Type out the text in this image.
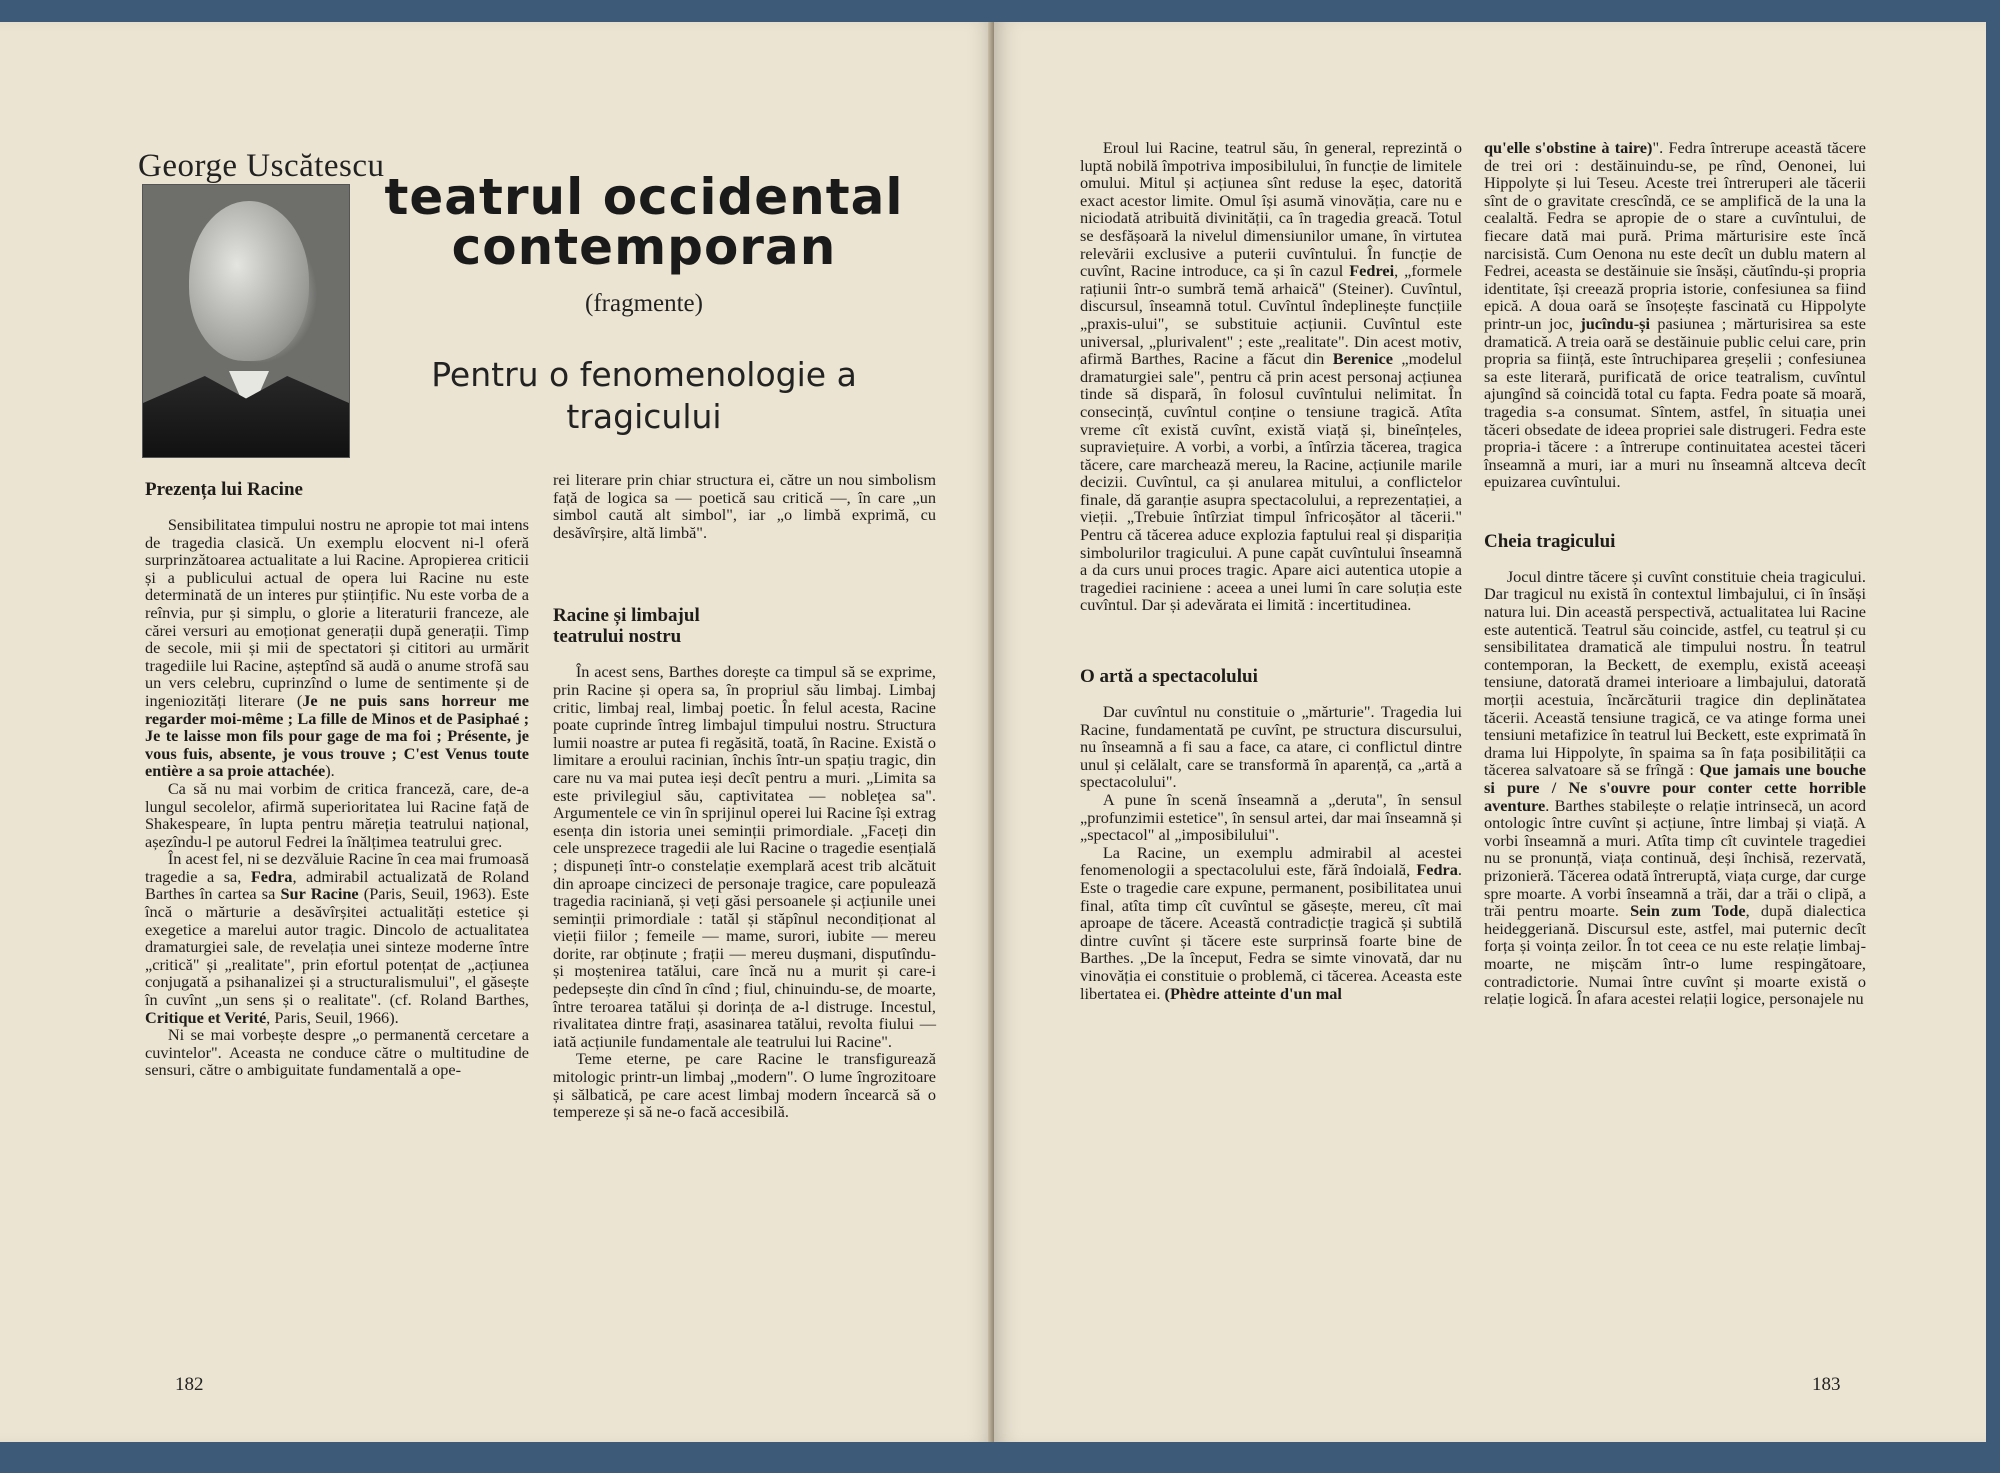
George Uscătescu
teatrul occidental contemporan

(fragmente)

Pentru o fenomenologie a tragicului
Prezența lui Racine

Sensibilitatea timpului nostru ne apropie tot mai intens de tragedia clasică. Un exemplu elocvent ni-l oferă surprinzătoarea actualitate a lui Racine. Apropierea criticii și a publicului actual de opera lui Racine nu este determinată de un interes pur științific. Nu este vorba de a reînvia, pur și simplu, o glorie a literaturii franceze, ale cărei versuri au emoționat generații după generații. Timp de secole, mii și mii de spectatori și cititori au urmărit tragediile lui Racine, așteptînd să audă o anume strofă sau un vers celebru, cuprinzînd o lume de sentimente și de ingeniozități literare (Je ne puis sans horreur me regarder moi-même ; La fille de Minos et de Pasiphaé ; Je te laisse mon fils pour gage de ma foi ; Présente, je vous fuis, absente, je vous trouve ; C'est Venus toute entière a sa proie attachée).

Ca să nu mai vorbim de critica franceză, care, de-a lungul secolelor, afirmă superioritatea lui Racine față de Shakespeare, în lupta pentru măreția teatrului național, așezîndu-l pe autorul Fedrei la înălțimea teatrului grec.

În acest fel, ni se dezvăluie Racine în cea mai frumoasă tragedie a sa, Fedra, admirabil actualizată de Roland Barthes în cartea sa Sur Racine (Paris, Seuil, 1963). Este încă o mărturie a desăvîrșitei actualități estetice și exegetice a marelui autor tragic. Dincolo de actualitatea dramaturgiei sale, de revelația unei sinteze moderne între „critică" și „realitate", prin efortul potențat de „acțiunea conjugată a psihanalizei și a structuralismului", el găsește în cuvînt „un sens și o realitate". (cf. Roland Barthes, Critique et Verité, Paris, Seuil, 1966).

Ni se mai vorbește despre „o permanentă cercetare a cuvintelor". Aceasta ne conduce către o multitudine de sensuri, către o ambiguitate fundamentală a ope-

rei literare prin chiar structura ei, către un nou simbolism față de logica sa — poetică sau critică —, în care „un simbol caută alt simbol", iar „o limbă exprimă, cu desăvîrșire, altă limbă".

Racine și limbajul teatrului nostru

În acest sens, Barthes dorește ca timpul să se exprime, prin Racine și opera sa, în propriul său limbaj. Limbaj critic, limbaj real, limbaj poetic. În felul acesta, Racine poate cuprinde întreg limbajul timpului nostru. Structura lumii noastre ar putea fi regăsită, toată, în Racine. Există o limitare a eroului racinian, închis într-un spațiu tragic, din care nu va mai putea ieși decît pentru a muri. „Limita sa este privilegiul său, captivitatea — noblețea sa". Argumentele ce vin în sprijinul operei lui Racine își extrag esența din istoria unei seminții primordiale. „Faceți din cele unsprezece tragedii ale lui Racine o tragedie esențială ; dispuneți într-o constelație exemplară acest trib alcătuit din aproape cincizeci de personaje tragice, care populează tragedia raciniană, și veți găsi persoanele și acțiunile unei seminții primordiale : tatăl și stăpînul necondiționat al vieții fiilor ; femeile — mame, surori, iubite — mereu dorite, rar obținute ; frații — mereu dușmani, disputîndu-și moștenirea tatălui, care încă nu a murit și care-i pedepsește din cînd în cînd ; fiul, chinuindu-se, de moarte, între teroarea tatălui și dorința de a-l distruge. Incestul, rivalitatea dintre frați, asasinarea tatălui, revolta fiului — iată acțiunile fundamentale ale teatrului lui Racine".

Teme eterne, pe care Racine le transfigurează mitologic printr-un limbaj „modern". O lume îngrozitoare și sălbatică, pe care acest limbaj modern încearcă să o tempereze și să ne-o facă accesibilă.

182

Eroul lui Racine, teatrul său, în general, reprezintă o luptă nobilă împotriva imposibilului, în funcție de limitele omului. Mitul și acțiunea sînt reduse la eșec, datorită exact acestor limite. Omul își asumă vinovăția, care nu e niciodată atribuită divinității, ca în tragedia greacă. Totul se desfășoară la nivelul dimensiunilor umane, în virtutea relevării exclusive a puterii cuvîntului. În funcție de cuvînt, Racine introduce, ca și în cazul Fedrei, „formele rațiunii într-o sumbră temă arhaică" (Steiner). Cuvîntul, discursul, înseamnă totul. Cuvîntul îndeplinește funcțiile „praxis-ului", se substituie acțiunii. Cuvîntul este universal, „plurivalent" ; este „realitate". Din acest motiv, afirmă Barthes, Racine a făcut din Berenice „modelul dramaturgiei sale", pentru că prin acest personaj acțiunea tinde să dispară, în folosul cuvîntului nelimitat. În consecință, cuvîntul conține o tensiune tragică. Atîta vreme cît există cuvînt, există viață și, bineînțeles, supraviețuire. A vorbi, a vorbi, a întîrzia tăcerea, tragica tăcere, care marchează mereu, la Racine, acțiunile marile decizii. Cuvîntul, ca și anularea mitului, a conflictelor finale, dă garanție asupra spectacolului, a reprezentației, a vieții. „Trebuie întîrziat timpul înfricoșător al tăcerii." Pentru că tăcerea aduce explozia faptului real și dispariția simbolurilor tragicului. A pune capăt cuvîntului înseamnă a da curs unui proces tragic. Apare aici autentica utopie a tragediei raciniene : aceea a unei lumi în care soluția este cuvîntul. Dar și adevărata ei limită : incertitudinea.

O artă a spectacolului

Dar cuvîntul nu constituie o „mărturie". Tragedia lui Racine, fundamentată pe cuvînt, pe structura discursului, nu înseamnă a fi sau a face, ca atare, ci conflictul dintre unul și celălalt, care se transformă în aparență, ca „artă a spectacolului".

A pune în scenă înseamnă a „deruta", în sensul „profunzimii estetice", în sensul artei, dar mai înseamnă și „spectacol" al „imposibilului".

La Racine, un exemplu admirabil al acestei fenomenologii a spectacolului este, fără îndoială, Fedra. Este o tragedie care expune, permanent, posibilitatea unui final, atîta timp cît cuvîntul se găsește, mereu, cît mai aproape de tăcere. Această contradicție tragică și subtilă dintre cuvînt și tăcere este surprinsă foarte bine de Barthes. „De la început, Fedra se simte vinovată, dar nu vinovăția ei constituie o problemă, ci tăcerea. Aceasta este libertatea ei. (Phèdre atteinte d'un mal

qu'elle s'obstine à taire)". Fedra întrerupe această tăcere de trei ori : destăinuindu-se, pe rînd, Oenonei, lui Hippolyte și lui Teseu. Aceste trei întreruperi ale tăcerii sînt de o gravitate crescîndă, ce se amplifică de la una la cealaltă. Fedra se apropie de o stare a cuvîntului, de fiecare dată mai pură. Prima mărturisire este încă narcisistă. Cum Oenona nu este decît un dublu matern al Fedrei, aceasta se destăinuie sie însăși, căutîndu-și propria identitate, își creează propria istorie, confesiunea sa fiind epică. A doua oară se însoțește fascinată cu Hippolyte printr-un joc, jucîndu-și pasiunea ; mărturisirea sa este dramatică. A treia oară se destăinuie public celui care, prin propria sa ființă, este întruchiparea greșelii ; confesiunea sa este literară, purificată de orice teatralism, cuvîntul ajungînd să coincidă total cu fapta. Fedra poate să moară, tragedia s-a consumat. Sîntem, astfel, în situația unei tăceri obsedate de ideea propriei sale distrugeri. Fedra este propria-i tăcere : a întrerupe continuitatea acestei tăceri înseamnă a muri, iar a muri nu înseamnă altceva decît epuizarea cuvîntului.

Cheia tragicului

Jocul dintre tăcere și cuvînt constituie cheia tragicului. Dar tragicul nu există în contextul limbajului, ci în însăși natura lui. Din această perspectivă, actualitatea lui Racine este autentică. Teatrul său coincide, astfel, cu teatrul și cu sensibilitatea dramatică ale timpului nostru. În teatrul contemporan, la Beckett, de exemplu, există aceeași tensiune, datorată dramei interioare a limbajului, datorată morții acestuia, încărcăturii tragice din deplinătatea tăcerii. Această tensiune tragică, ce va atinge forma unei tensiuni metafizice în teatrul lui Beckett, este exprimată în drama lui Hippolyte, în spaima sa în fața posibilității ca tăcerea salvatoare să se frîngă : Que jamais une bouche si pure / Ne s'ouvre pour conter cette horrible aventure. Barthes stabilește o relație intrinsecă, un acord ontologic între cuvînt și acțiune, între limbaj și viață. A vorbi înseamnă a muri. Atîta timp cît cuvintele tragediei nu se pronunță, viața continuă, deși închisă, rezervată, prizonieră. Tăcerea odată întreruptă, viața curge, dar curge spre moarte. A vorbi înseamnă a trăi, dar a trăi o clipă, a trăi pentru moarte. Sein zum Tode, după dialectica heideggeriană. Discursul este, astfel, mai puternic decît forța și voința zeilor. În tot ceea ce nu este relație limbaj-moarte, ne mișcăm într-o lume respingătoare, contradictorie. Numai între cuvînt și moarte există o relație logică. În afara acestei relații logice, personajele nu

183
